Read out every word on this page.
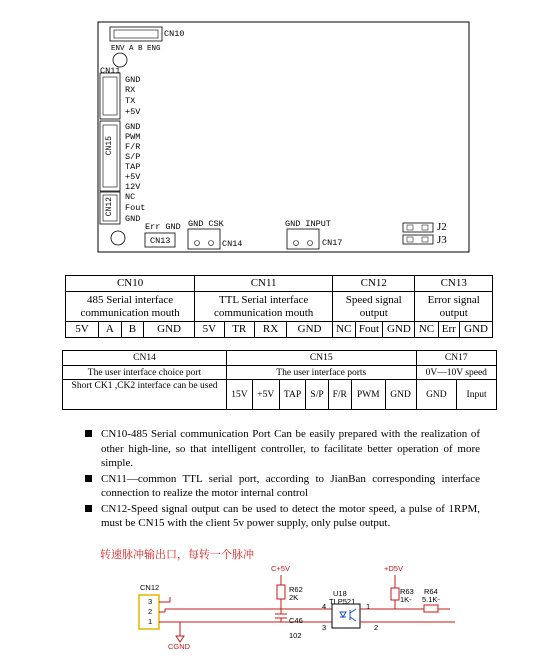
CN10
ENV A B ENG
CN11
GND
RX
TX
+5V
CN15
GND
PWM
F/R
S/P
TAP
+5V
12V
CN12 NC
Fout
GND
Err GND
CN13
GND CSK
CN14
GND INPUT
CN17
J2
J3
CN10				CN11				CN12			CN13		
485 Serial interface communication mouth				TTL Serial interface communication mouth				Speed signal output			Error signal output		
5V	A	B	GND	5V	TR	RX	GND	NC	Fout	GND	NC	Err	GND
CN14	CN15							CN17	
The user interface choice port	The user interface ports							0V—10V speed	
Short CK1 ,CK2 interface can be used	15V	+5V	TAP	S/P	F/R	PWM	GND	GND	Input
CN10-485 Serial communication Port Can be easily prepared with the realization of other high-line, so that intelligent controller, to facilitate better operation of more simple.
CN11—common TTL serial port, according to JianBan corresponding interface connection to realize the motor internal control
CN12-Speed signal output can be used to detect the motor speed, a pulse of 1RPM, must be CN15 with the client 5v power supply, only pulse output.
转速脉冲输出口，每转一个脉冲
CN12
3
2
1
CGND
C+5V	+D5V
R62
2K
C46
102
U18
TLP521
4
3
1
2
R63
1K-
R64
5.1K-
